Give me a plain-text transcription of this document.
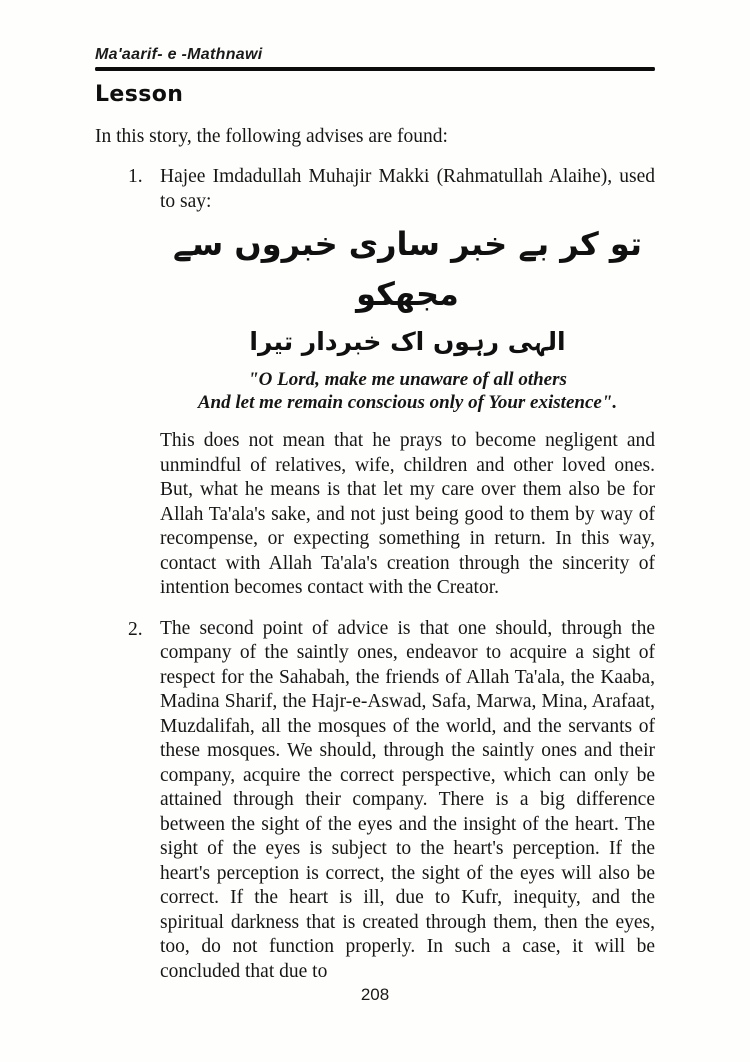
Ma'aarif- e -Mathnawi
Lesson

In this story, the following advises are found:

1. Hajee Imdadullah Muhajir Makki (Rahmatullah Alaihe), used to say:

تو کر بے خبر ساری خبروں سے مجھکو
الہی رہوں اک خبردار تیرا
"O Lord, make me unaware of all others
And let me remain conscious only of Your existence".

This does not mean that he prays to become negligent and unmindful of relatives, wife, children and other loved ones. But, what he means is that let my care over them also be for Allah Ta'ala's sake, and not just being good to them by way of recompense, or expecting something in return. In this way, contact with Allah Ta'ala's creation through the sincerity of intention becomes contact with the Creator.

2. The second point of advice is that one should, through the company of the saintly ones, endeavor to acquire a sight of respect for the Sahabah, the friends of Allah Ta'ala, the Kaaba, Madina Sharif, the Hajr-e-Aswad, Safa, Marwa, Mina, Arafaat, Muzdalifah, all the mosques of the world, and the servants of these mosques. We should, through the saintly ones and their company, acquire the correct perspective, which can only be attained through their company. There is a big difference between the sight of the eyes and the insight of the heart. The sight of the eyes is subject to the heart's perception. If the heart's perception is correct, the sight of the eyes will also be correct. If the heart is ill, due to Kufr, inequity, and the spiritual darkness that is created through them, then the eyes, too, do not function properly. In such a case, it will be concluded that due to

208
